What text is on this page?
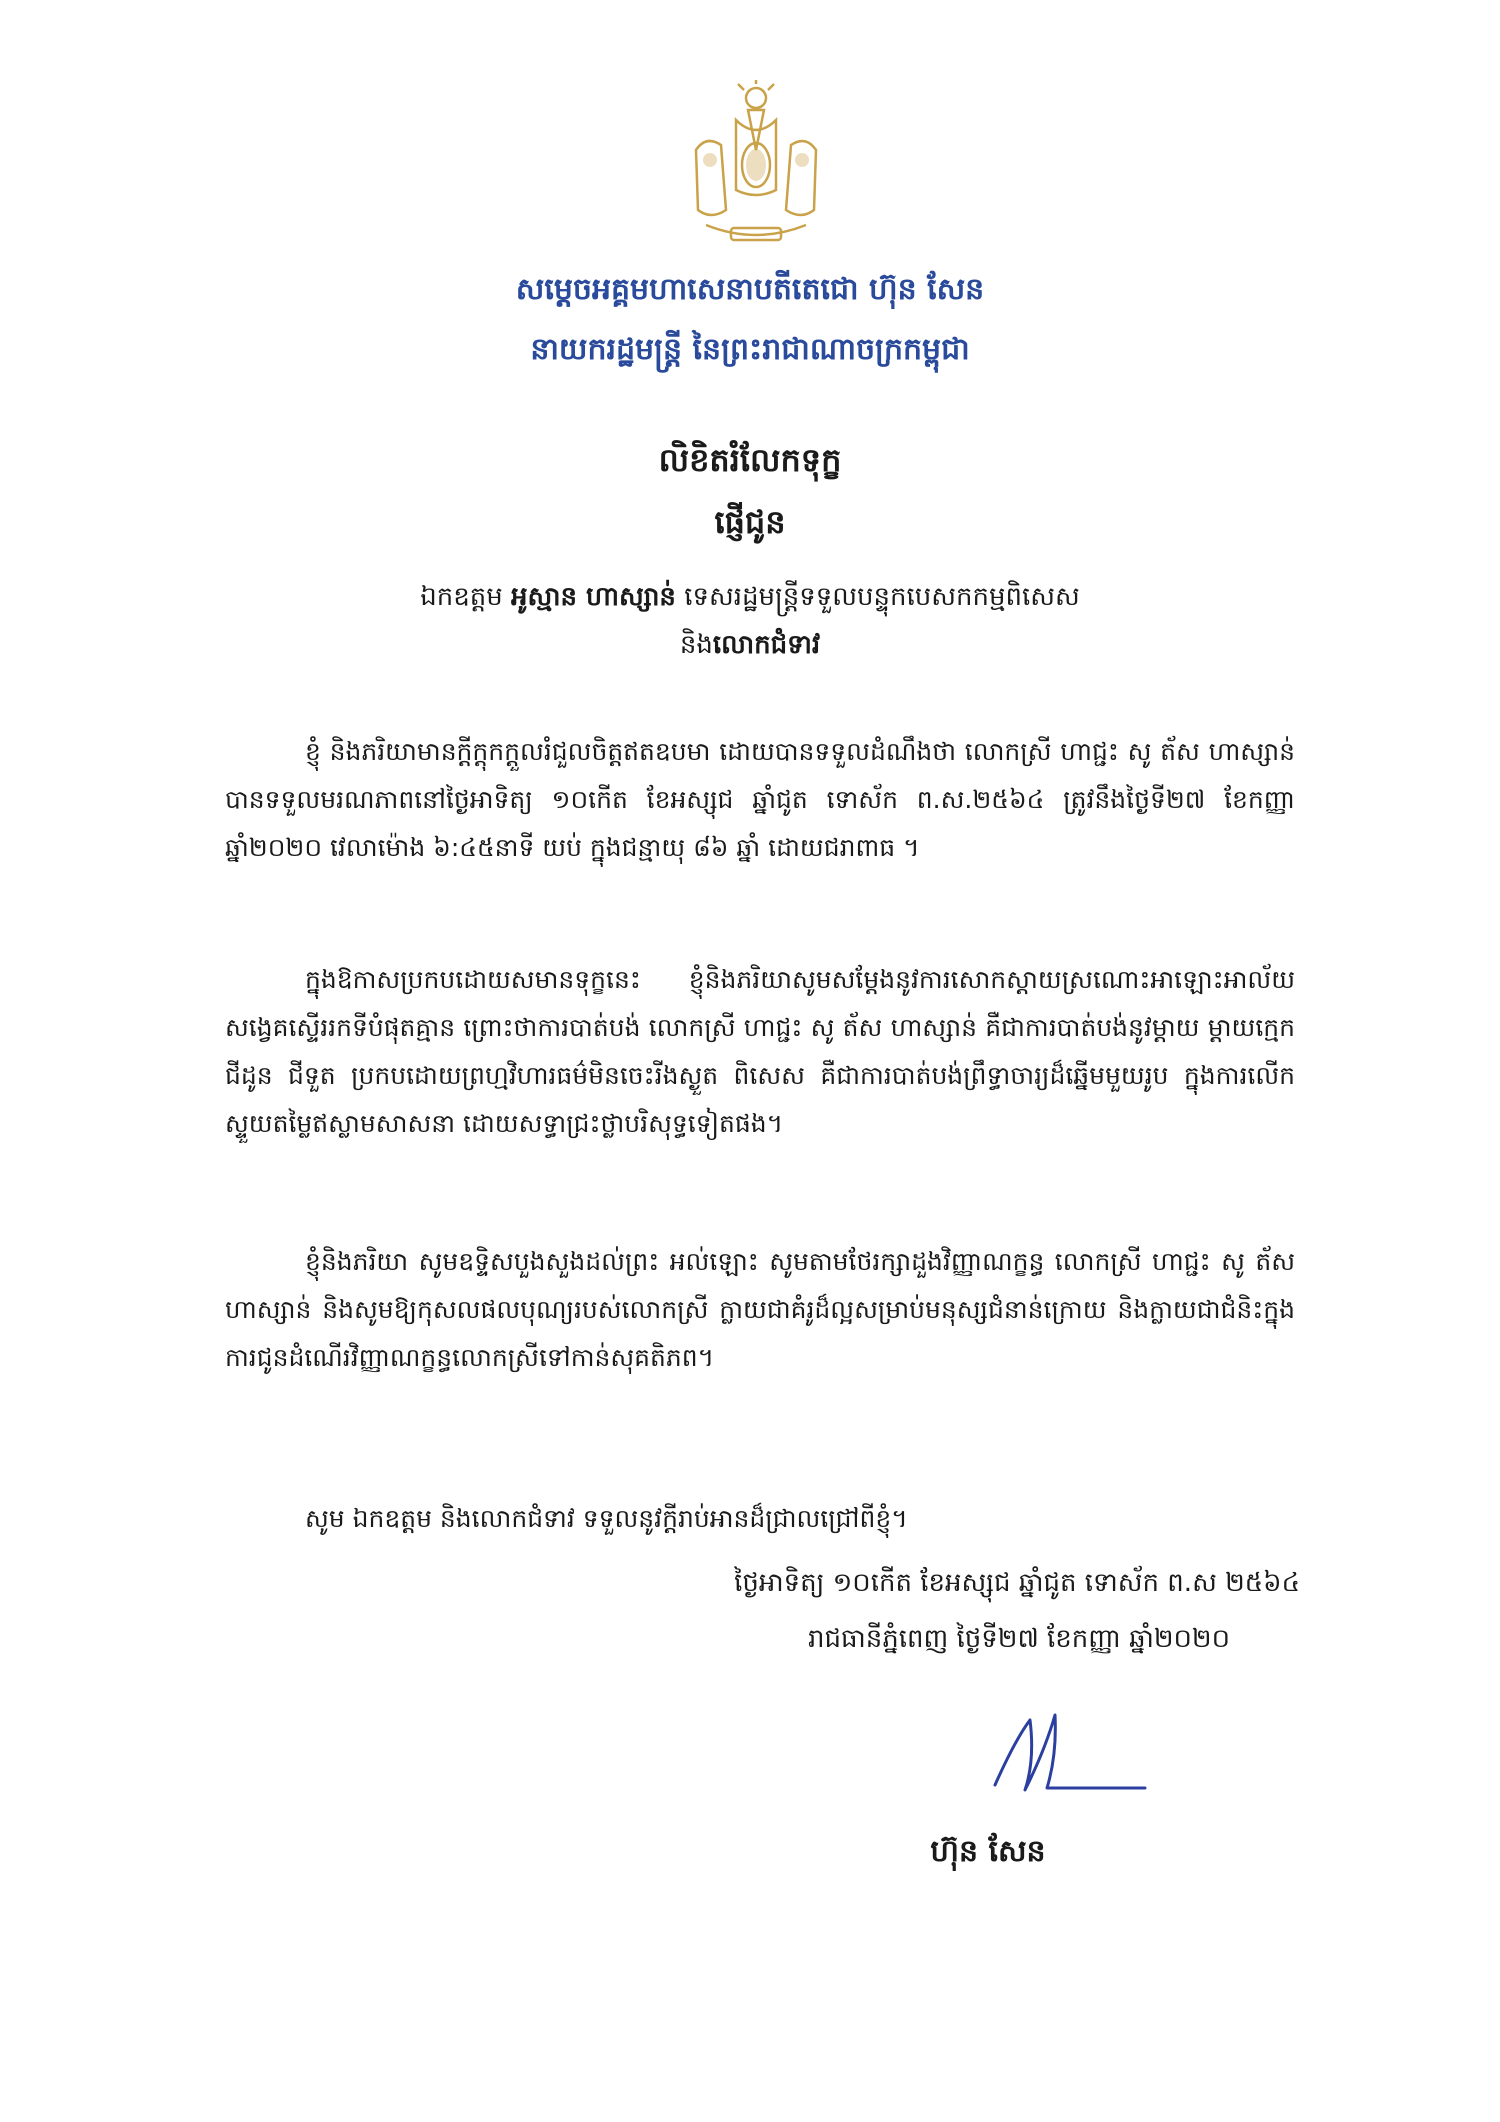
សម្តេចអគ្គមហាសេនាបតីតេជោ ហ៊ុន សែន
នាយករដ្ឋមន្ត្រី នៃព្រះរាជាណាចក្រកម្ពុជា
លិខិតរំលែកទុក្ខ
ផ្ញើជូន
ឯកឧត្តម អូស្មាន ហាស្សាន់ ទេសរដ្ឋមន្ត្រីទទួលបន្ទុកបេសកកម្មពិសេស
និងលោកជំទាវ
ខ្ញុំ និងភរិយាមានក្តីក្តុកក្តួលរំជួលចិត្តឥតឧបមា ដោយបានទទួលដំណឹងថា លោកស្រី ហាជ្ជះ សូ ត័ស ហាស្សាន់ បានទទួលមរណភាពនៅថ្ងៃអាទិត្យ ១០កើត ខែអស្សុជ ឆ្នាំជូត ទោស័ក ព.ស.២៥៦៤ ត្រូវនឹងថ្ងៃទី២៧ ខែកញ្ញា ឆ្នាំ២០២០ វេលាម៉ោង ៦:៤៥នាទី យប់ ក្នុងជន្មាយុ ៨៦ ឆ្នាំ ដោយជរាពាធ ។
ក្នុងឱកាសប្រកបដោយសមានទុក្ខនេះ ខ្ញុំនិងភរិយាសូមសម្តែងនូវការសោកស្តាយស្រណោះអាឡោះអាល័យ សង្វេគស្ទើររកទីបំផុតគ្មាន ព្រោះថាការបាត់បង់ លោកស្រី ហាជ្ជះ សូ ត័ស ហាស្សាន់ គឺជាការបាត់បង់នូវម្តាយ ម្តាយក្មេក ជីដូន ជីទួត ប្រកបដោយព្រហ្មវិហារធម៌មិនចេះរីងស្ងួត ពិសេស គឺជាការបាត់បង់ព្រឹទ្ធាចារ្យដ៏ឆ្នើមមួយរូប ក្នុងការលើកស្ទួយតម្លៃឥស្លាមសាសនា ដោយសទ្ធាជ្រះថ្លាបរិសុទ្ធទៀតផង។
ខ្ញុំនិងភរិយា សូមឧទ្ទិសបួងសួងដល់ព្រះ អល់ឡោះ សូមតាមថែរក្សាដួងវិញ្ញាណក្ខន្ធ លោកស្រី ហាជ្ជះ សូ ត័ស ហាស្សាន់ និងសូមឱ្យកុសលផលបុណ្យរបស់លោកស្រី ក្លាយជាគំរូដ៏ល្អសម្រាប់មនុស្សជំនាន់ក្រោយ និងក្លាយជាជំនិះក្នុងការជូនដំណើរវិញ្ញាណក្ខន្ធលោកស្រីទៅកាន់សុគតិភព។
សូម ឯកឧត្តម និងលោកជំទាវ ទទួលនូវក្តីរាប់អានដ៏ជ្រាលជ្រៅពីខ្ញុំ។
ថ្ងៃអាទិត្យ ១០កើត ខែអស្សុជ ឆ្នាំជូត ទោស័ក ព.ស ២៥៦៤
រាជធានីភ្នំពេញ ថ្ងៃទី២៧ ខែកញ្ញា ឆ្នាំ២០២០
ហ៊ុន សែន
